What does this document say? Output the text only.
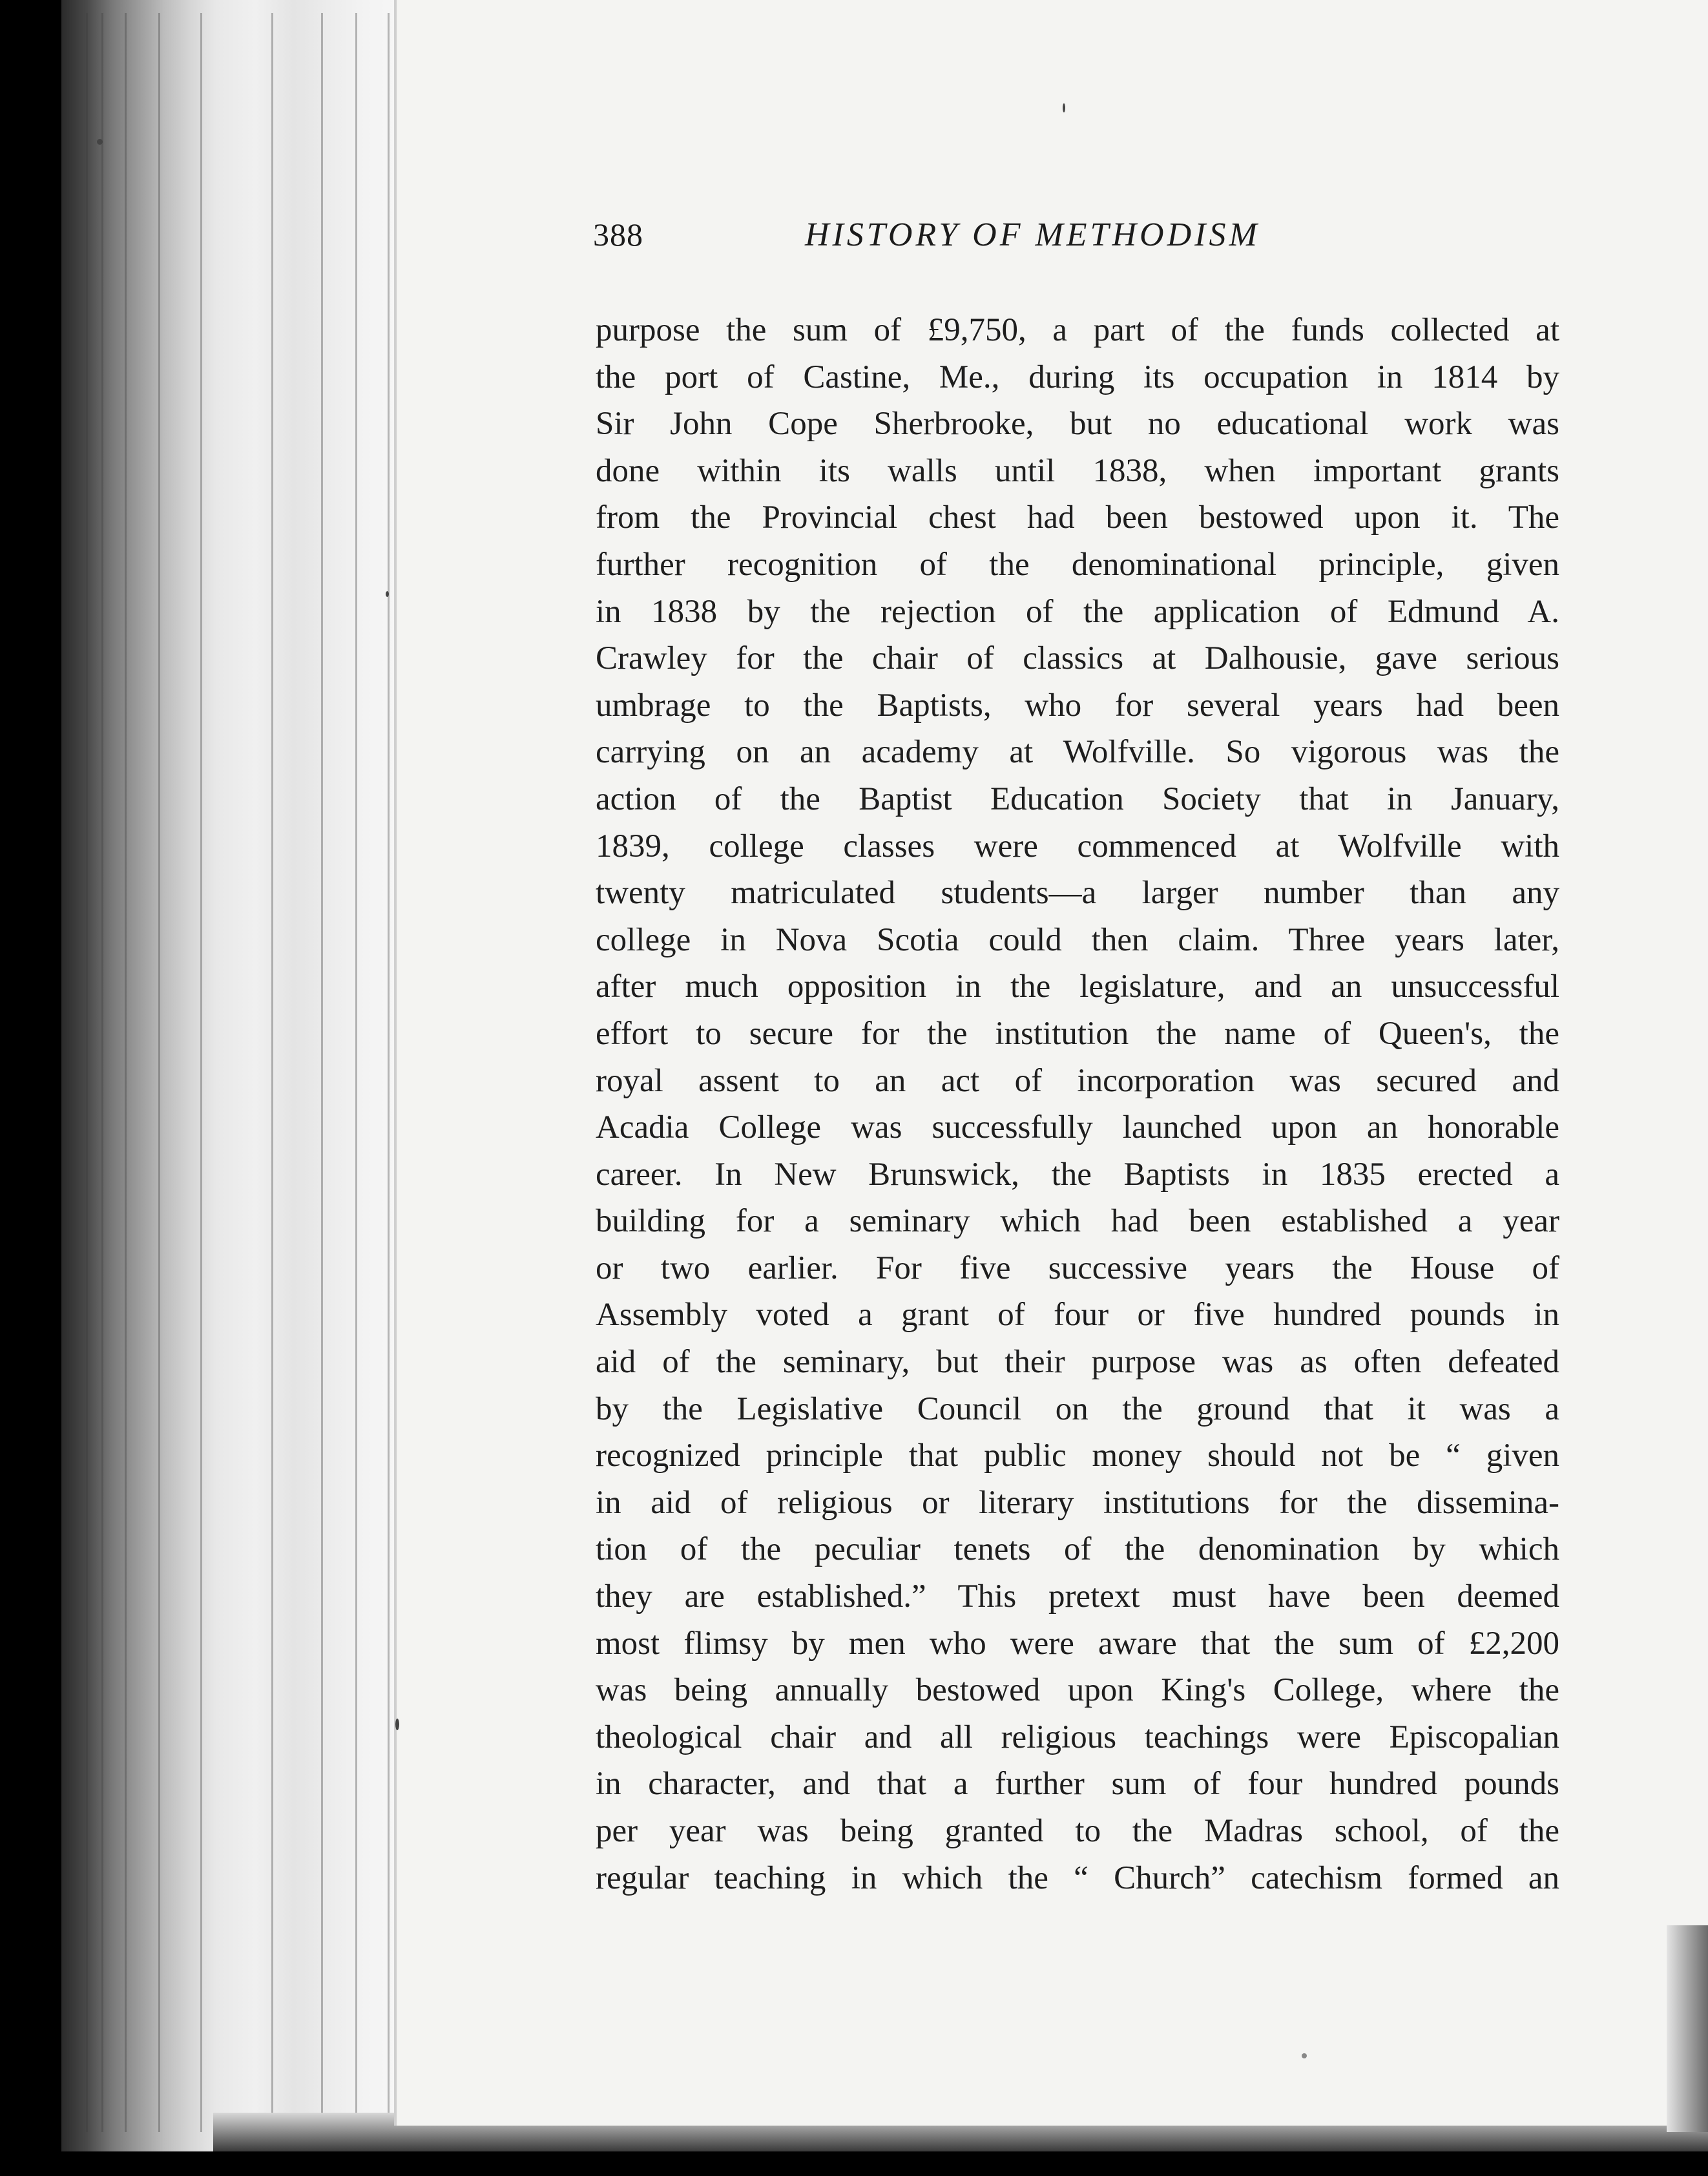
388	HISTORY OF METHODISM
purpose the sum of £9,750, a part of the funds collected at
the port of Castine, Me., during its occupation in 1814 by
Sir John Cope Sherbrooke, but no educational work was
done within its walls until 1838, when important grants
from the Provincial chest had been bestowed upon it. The
further recognition of the denominational principle, given
in 1838 by the rejection of the application of Edmund A.
Crawley for the chair of classics at Dalhousie, gave serious
umbrage to the Baptists, who for several years had been
carrying on an academy at Wolfville. So vigorous was the
action of the Baptist Education Society that in January,
1839, college classes were commenced at Wolfville with
twenty matriculated students—a larger number than any
college in Nova Scotia could then claim. Three years later,
after much opposition in the legislature, and an unsuccessful
effort to secure for the institution the name of Queen's, the
royal assent to an act of incorporation was secured and
Acadia College was successfully launched upon an honorable
career. In New Brunswick, the Baptists in 1835 erected a
building for a seminary which had been established a year
or two earlier. For five successive years the House of
Assembly voted a grant of four or five hundred pounds in
aid of the seminary, but their purpose was as often defeated
by the Legislative Council on the ground that it was a
recognized principle that public money should not be “ given
in aid of religious or literary institutions for the dissemina-
tion of the peculiar tenets of the denomination by which
they are established.” This pretext must have been deemed
most flimsy by men who were aware that the sum of £2,200
was being annually bestowed upon King's College, where the
theological chair and all religious teachings were Episcopalian
in character, and that a further sum of four hundred pounds
per year was being granted to the Madras school, of the
regular teaching in which the “ Church” catechism formed an
